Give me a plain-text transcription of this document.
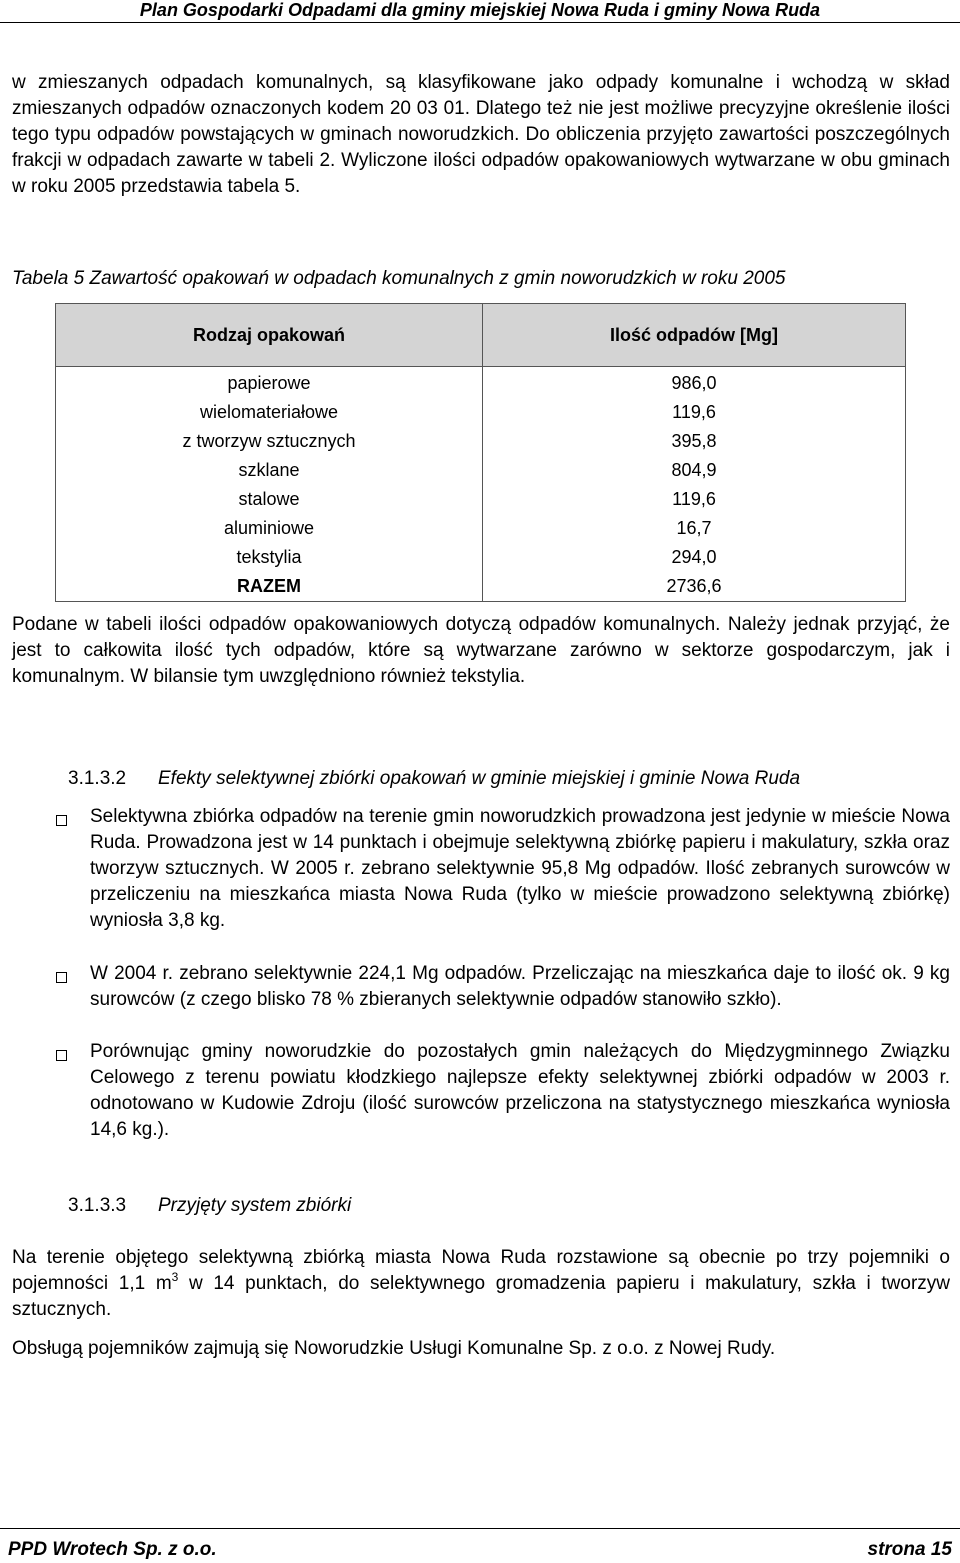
Plan Gospodarki Odpadami dla gminy miejskiej Nowa Ruda i gminy Nowa Ruda

w zmieszanych odpadach komunalnych, są klasyfikowane jako odpady komunalne i wchodzą w skład zmieszanych odpadów oznaczonych kodem 20 03 01. Dlatego też nie jest możliwe precyzyjne określenie ilości tego typu odpadów powstających w gminach noworudzkich. Do obliczenia przyjęto zawartości poszczególnych frakcji w odpadach zawarte w tabeli 2. Wyliczone ilości odpadów opakowaniowych wytwarzane w obu gminach w roku 2005 przedstawia tabela 5.

Tabela 5 Zawartość opakowań w odpadach komunalnych z gmin noworudzkich w roku 2005
Rodzaj opakowań	Ilość odpadów [Mg]

papierowe	986,0
wielomateriałowe	119,6
z tworzyw sztucznych	395,8
szklane	804,9
stalowe	119,6
aluminiowe	16,7
tekstylia	294,0
RAZEM	2736,6

Podane w tabeli ilości odpadów opakowaniowych dotyczą odpadów komunalnych. Należy jednak przyjąć, że jest to całkowita ilość tych odpadów, które są wytwarzane zarówno w sektorze gospodarczym, jak i komunalnym. W bilansie tym uwzględniono również tekstylia.

3.1.3.2 Efekty selektywnej zbiórki opakowań w gminie miejskiej i gminie Nowa Ruda

Selektywna zbiórka odpadów na terenie gmin noworudzkich prowadzona jest jedynie w mieście Nowa Ruda. Prowadzona jest w 14 punktach i obejmuje selektywną zbiórkę papieru i makulatury, szkła oraz tworzyw sztucznych. W 2005 r. zebrano selektywnie 95,8 Mg odpadów. Ilość zebranych surowców w przeliczeniu na mieszkańca miasta Nowa Ruda (tylko w mieście prowadzono selektywną zbiórkę) wyniosła 3,8 kg.

W 2004 r. zebrano selektywnie 224,1 Mg odpadów. Przeliczając na mieszkańca daje to ilość ok. 9 kg surowców (z czego blisko 78 % zbieranych selektywnie odpadów stanowiło szkło).

Porównując gminy noworudzkie do pozostałych gmin należących do Międzygminnego Związku Celowego z terenu powiatu kłodzkiego najlepsze efekty selektywnej zbiórki odpadów w 2003 r. odnotowano w Kudowie Zdroju (ilość surowców przeliczona na statystycznego mieszkańca wyniosła 14,6 kg.).

3.1.3.3 Przyjęty system zbiórki

Na terenie objętego selektywną zbiórką miasta Nowa Ruda rozstawione są obecnie po trzy pojemniki o pojemności 1,1 $m^3$ w 14 punktach, do selektywnego gromadzenia papieru i makulatury, szkła i tworzyw sztucznych.

Obsługą pojemników zajmują się Noworudzkie Usługi Komunalne Sp. z o.o. z Nowej Rudy.

PPD Wrotech Sp. z o.o.	strona 15
